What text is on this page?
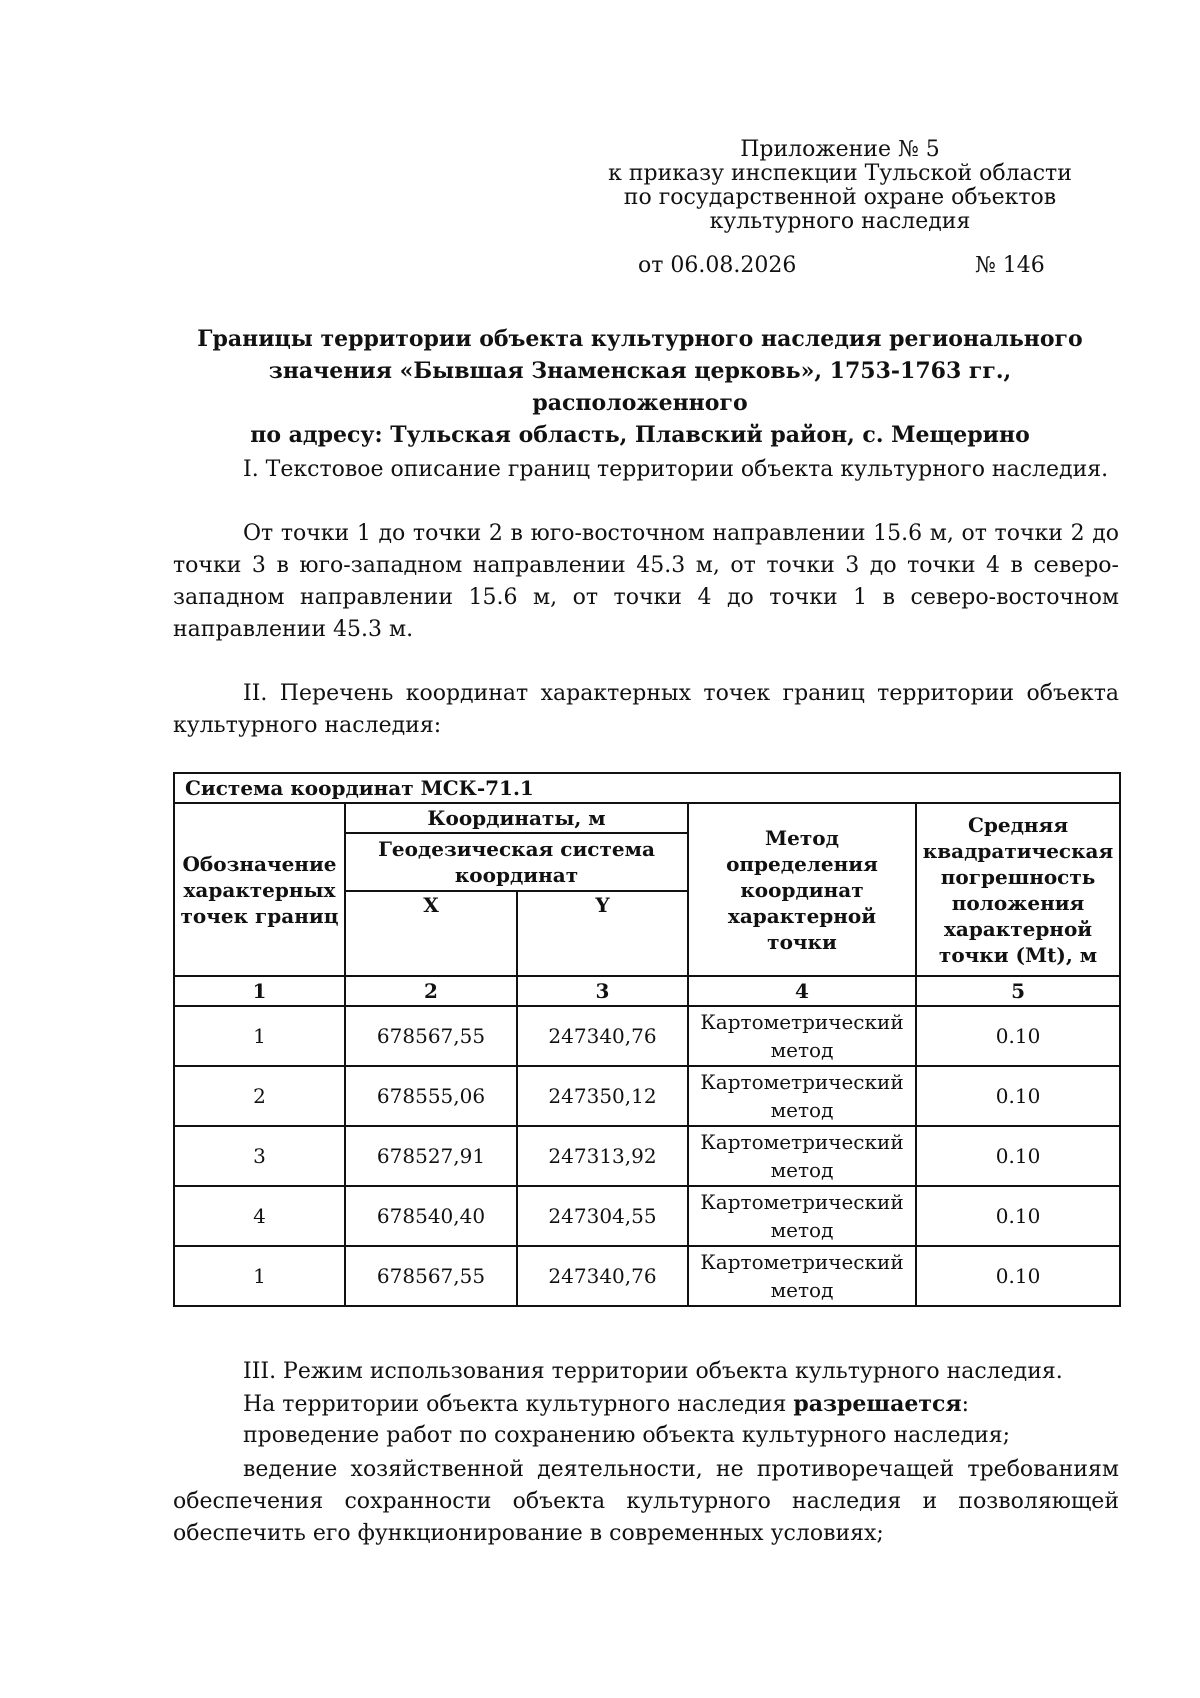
Приложение № 5
к приказу инспекции Тульской области
по государственной охране объектов
культурного наследия
от 06.08.2026	№ 146
Границы территории объекта культурного наследия регионального
значения «Бывшая Знаменская церковь», 1753-1763 гг., расположенного
по адресу: Тульская область, Плавский район, с. Мещерино

I. Текстовое описание границ территории объекта культурного наследия.

От точки 1 до точки 2 в юго-восточном направлении 15.6 м, от точки 2 до точки 3 в юго-западном направлении 45.3 м, от точки 3 до точки 4 в северо-западном направлении 15.6 м, от точки 4 до точки 1 в северо-восточном направлении 45.3 м.

II. Перечень координат характерных точек границ территории объекта культурного наследия:

Система координат МСК-71.1				
Обозначение характерных точек границ	Координаты, м		Метод определения координат характерной точки	Средняя квадратическая погрешность положения характерной точки (Mt), м
	Геодезическая система координат			
	X	Y		
1	2	3	4	5
1	678567,55	247340,76	Картометрический метод	0.10
2	678555,06	247350,12	Картометрический метод	0.10
3	678527,91	247313,92	Картометрический метод	0.10
4	678540,40	247304,55	Картометрический метод	0.10
1	678567,55	247340,76	Картометрический метод	0.10

III. Режим использования территории объекта культурного наследия.

На территории объекта культурного наследия разрешается:

проведение работ по сохранению объекта культурного наследия;

ведение хозяйственной деятельности, не противоречащей требованиям обеспечения сохранности объекта культурного наследия и позволяющей обеспечить его функционирование в современных условиях;
